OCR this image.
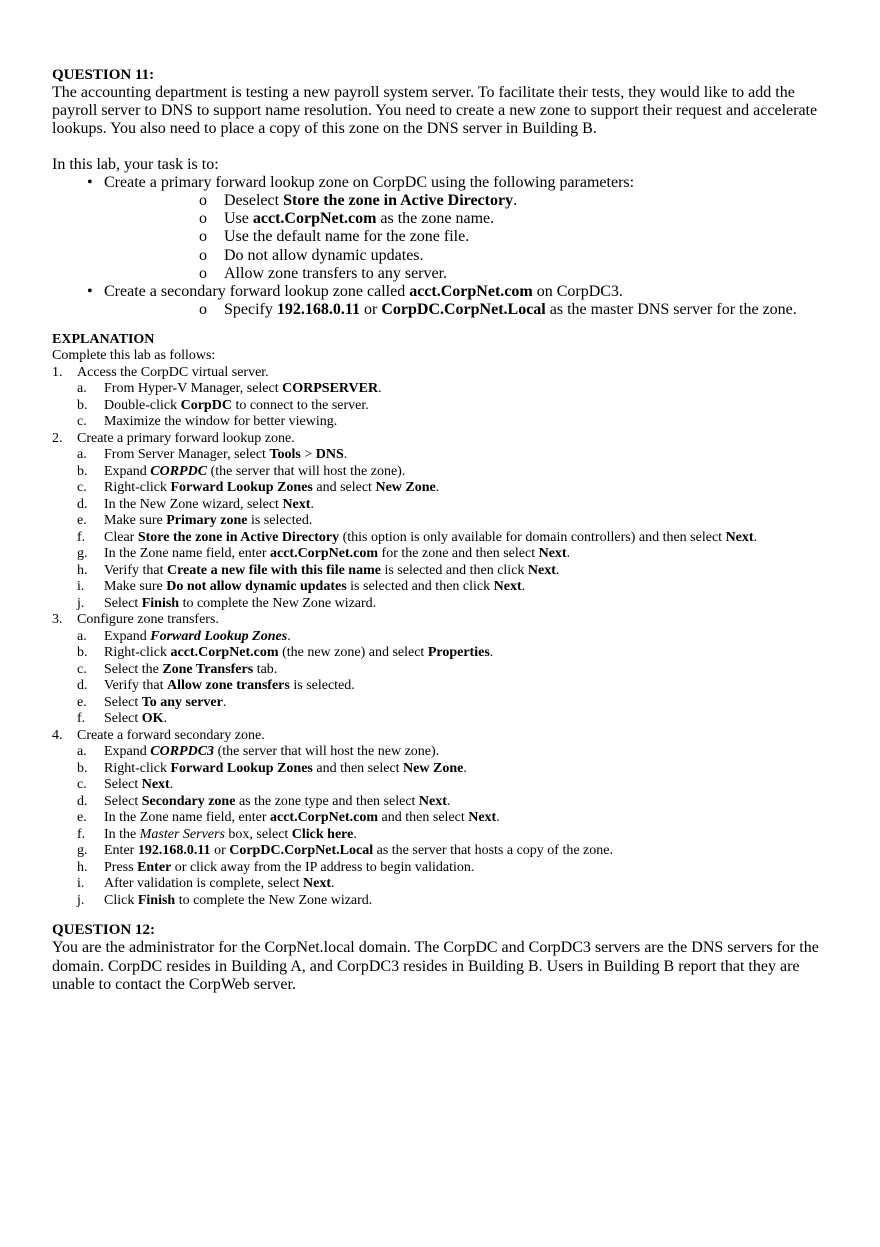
QUESTION 11:
The accounting department is testing a new payroll system server. To facilitate their tests, they would like to add the payroll server to DNS to support name resolution. You need to create a new zone to support their request and accelerate lookups. You also need to place a copy of this zone on the DNS server in Building B.
In this lab, your task is to:
• Create a primary forward lookup zone on CorpDC using the following parameters:
o Deselect Store the zone in Active Directory.
o Use acct.CorpNet.com as the zone name.
o Use the default name for the zone file.
o Do not allow dynamic updates.
o Allow zone transfers to any server.
• Create a secondary forward lookup zone called acct.CorpNet.com on CorpDC3.
o Specify 192.168.0.11 or CorpDC.CorpNet.Local as the master DNS server for the zone.
EXPLANATION
Complete this lab as follows:
1. Access the CorpDC virtual server.
a. From Hyper-V Manager, select CORPSERVER.
b. Double-click CorpDC to connect to the server.
c. Maximize the window for better viewing.
2. Create a primary forward lookup zone.
a. From Server Manager, select Tools > DNS.
b. Expand CORPDC (the server that will host the zone).
c. Right-click Forward Lookup Zones and select New Zone.
d. In the New Zone wizard, select Next.
e. Make sure Primary zone is selected.
f. Clear Store the zone in Active Directory (this option is only available for domain controllers) and then select Next.
g. In the Zone name field, enter acct.CorpNet.com for the zone and then select Next.
h. Verify that Create a new file with this file name is selected and then click Next.
i. Make sure Do not allow dynamic updates is selected and then click Next.
j. Select Finish to complete the New Zone wizard.
3. Configure zone transfers.
a. Expand Forward Lookup Zones.
b. Right-click acct.CorpNet.com (the new zone) and select Properties.
c. Select the Zone Transfers tab.
d. Verify that Allow zone transfers is selected.
e. Select To any server.
f. Select OK.
4. Create a forward secondary zone.
a. Expand CORPDC3 (the server that will host the new zone).
b. Right-click Forward Lookup Zones and then select New Zone.
c. Select Next.
d. Select Secondary zone as the zone type and then select Next.
e. In the Zone name field, enter acct.CorpNet.com and then select Next.
f. In the Master Servers box, select Click here.
g. Enter 192.168.0.11 or CorpDC.CorpNet.Local as the server that hosts a copy of the zone.
h. Press Enter or click away from the IP address to begin validation.
i. After validation is complete, select Next.
j. Click Finish to complete the New Zone wizard.
QUESTION 12:
You are the administrator for the CorpNet.local domain. The CorpDC and CorpDC3 servers are the DNS servers for the domain. CorpDC resides in Building A, and CorpDC3 resides in Building B. Users in Building B report that they are unable to contact the CorpWeb server.
